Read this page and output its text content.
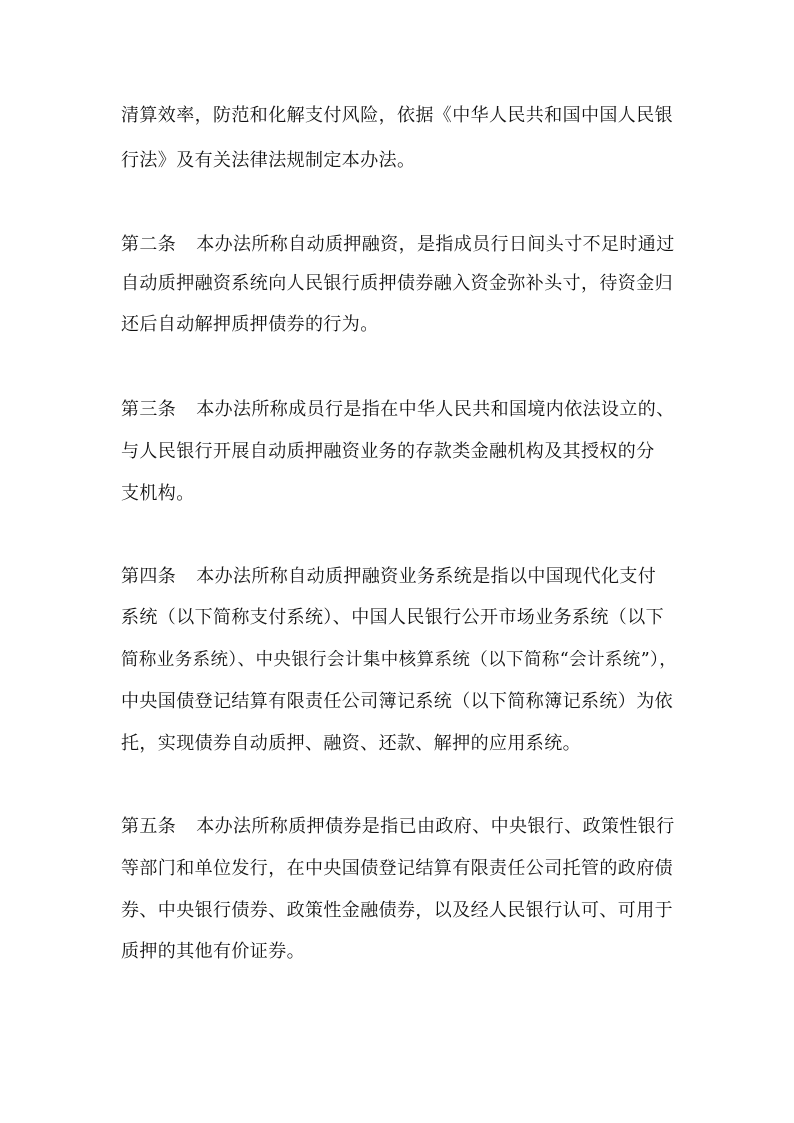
清算效率，防范和化解支付风险，依据《中华人民共和国中国人民银
行法》及有关法律法规制定本办法。
第二条 本办法所称自动质押融资，是指成员行日间头寸不足时通过
自动质押融资系统向人民银行质押债券融入资金弥补头寸，待资金归
还后自动解押质押债券的行为。
第三条 本办法所称成员行是指在中华人民共和国境内依法设立的、
与人民银行开展自动质押融资业务的存款类金融机构及其授权的分
支机构。
第四条 本办法所称自动质押融资业务系统是指以中国现代化支付
系统（以下简称支付系统）、中国人民银行公开市场业务系统（以下
简称业务系统）、中央银行会计集中核算系统（以下简称“会计系统”），
中央国债登记结算有限责任公司簿记系统（以下简称簿记系统）为依
托，实现债券自动质押、融资、还款、解押的应用系统。
第五条 本办法所称质押债券是指已由政府、中央银行、政策性银行
等部门和单位发行，在中央国债登记结算有限责任公司托管的政府债
券、中央银行债券、政策性金融债券，以及经人民银行认可、可用于
质押的其他有价证券。
